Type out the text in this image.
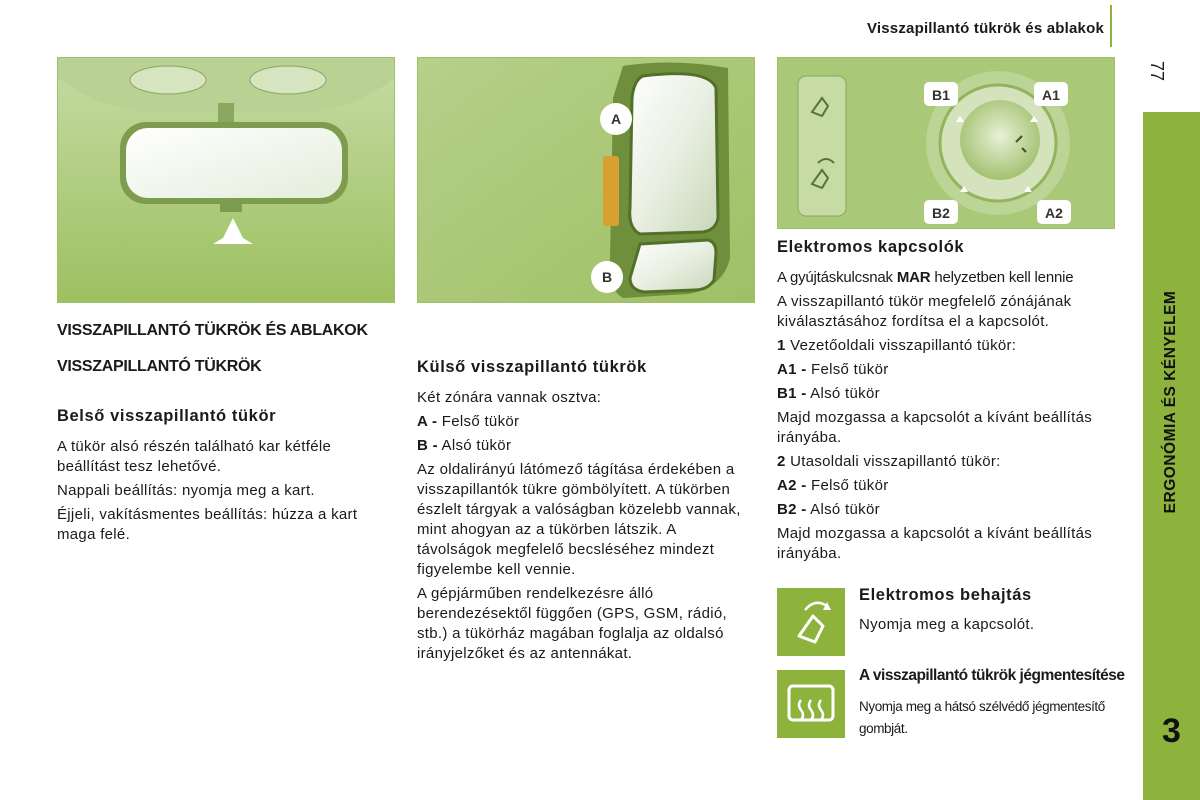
Visszapillantó tükrök és ablakok
77
ERGONÓMIA ÉS KÉNYELEM
3
A
B
B1	A1
B2	A2
VISSZAPILLANTÓ TÜKRÖK ÉS ABLAKOK
VISSZAPILLANTÓ TÜKRÖK
Belső visszapillantó tükör

A tükör alsó részén található kar kétféle beállítást tesz lehetővé.

Nappali beállítás: nyomja meg a kart.

Éjjeli, vakításmentes beállítás: húzza a kart maga felé.

Külső visszapillantó tükrök

Két zónára vannak osztva:

A - Felső tükör

B - Alsó tükör

Az oldalirányú látómező tágítása érdekében a visszapillantók tükre gömbölyített. A tükörben észlelt tárgyak a valóságban közelebb vannak, mint ahogyan az a tükörben látszik. A távolságok megfelelő becsléséhez mindezt figyelembe kell vennie.

A gépjárműben rendelkezésre álló berendezésektől függően (GPS, GSM, rádió, stb.) a tükörház magában foglalja az oldalsó irányjelzőket és az antennákat.

Elektromos kapcsolók

A gyújtáskulcsnak MAR helyzetben kell lennie

A visszapillantó tükör megfelelő zónájának kiválasztásához fordítsa el a kapcsolót.

1 Vezetőoldali visszapillantó tükör:

A1 - Felső tükör

B1 - Alsó tükör

Majd mozgassa a kapcsolót a kívánt beállítás irányába.

2 Utasoldali visszapillantó tükör:

A2 - Felső tükör

B2 - Alsó tükör

Majd mozgassa a kapcsolót a kívánt beállítás irányába.

Elektromos behajtás
Nyomja meg a kapcsolót.
A visszapillantó tükrök jégmentesítése
Nyomja meg a hátsó szélvédő jégmentesítő gombját.
